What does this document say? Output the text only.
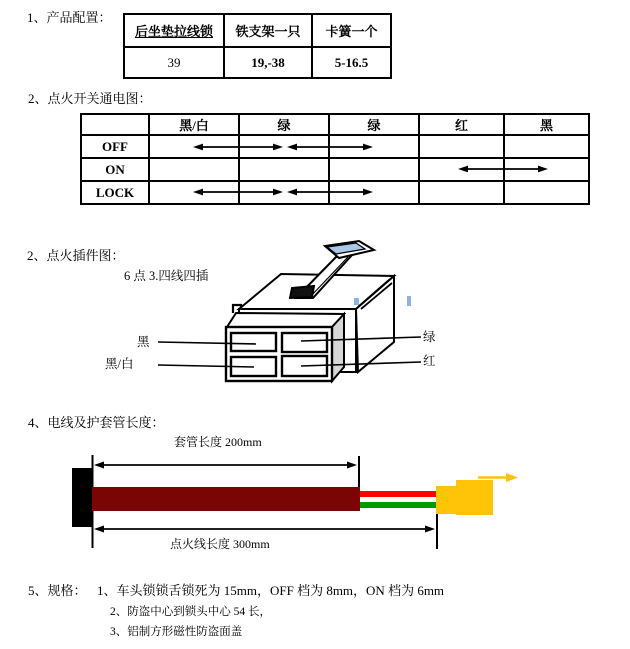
1、产品配置：
后坐垫拉线锁	铁支架一只	卡簧一个
39	19,-38	5-16.5
2、点火开关通电图：
	黑/白	绿	绿	红	黑
OFF					
ON					
LOCK					
2、点火插件图：
6 点 3.四线四插
黑
黑/白
绿
红
4、电线及护套管长度：
套管长度 200mm
点火线长度 300mm
5、规格： 1、车头锁锁舌锁死为 15mm，OFF 档为 8mm，ON 档为 6mm
2、防盗中心到锁头中心 54 长，
3、铝制方形磁性防盗面盖
